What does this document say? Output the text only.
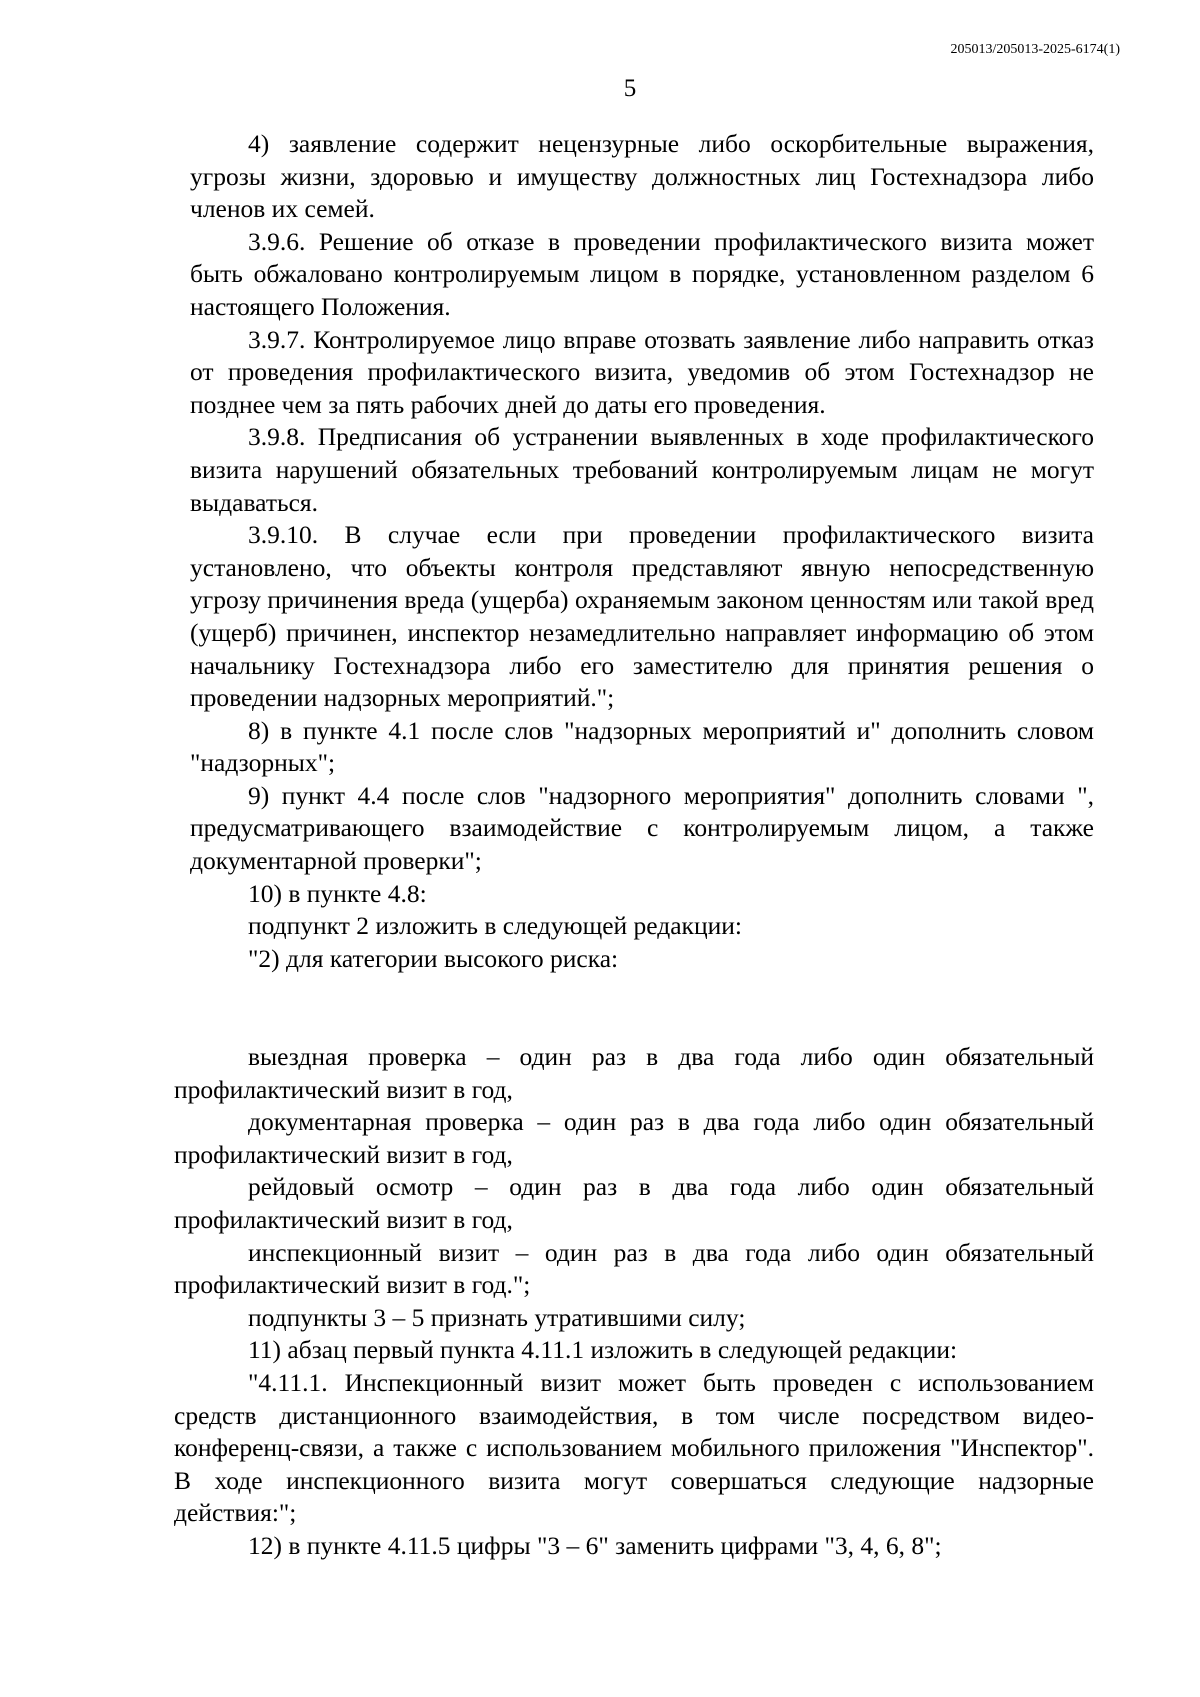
205013/205013-2025-6174(1)
5

4) заявление содержит нецензурные либо оскорбительные выражения, угрозы жизни, здоровью и имуществу должностных лиц Гостехнадзора либо членов их семей.

3.9.6. Решение об отказе в проведении профилактического визита может быть обжаловано контролируемым лицом в порядке, установленном разделом 6 настоящего Положения.

3.9.7. Контролируемое лицо вправе отозвать заявление либо направить отказ от проведения профилактического визита, уведомив об этом Гостехнадзор не позднее чем за пять рабочих дней до даты его проведения.

3.9.8. Предписания об устранении выявленных в ходе профилактического визита нарушений обязательных требований контролируемым лицам не могут выдаваться.

3.9.10. В случае если при проведении профилактического визита установлено, что объекты контроля представляют явную непосредственную угрозу причинения вреда (ущерба) охраняемым законом ценностям или такой вред (ущерб) причинен, инспектор незамедлительно направляет информацию об этом начальнику Гостехнадзора либо его заместителю для принятия решения о проведении надзорных мероприятий.";

8) в пункте 4.1 после слов "надзорных мероприятий и" дополнить словом "надзорных";

9) пункт 4.4 после слов "надзорного мероприятия" дополнить словами ", предусматривающего взаимодействие с контролируемым лицом, а также документарной проверки";

10) в пункте 4.8:

подпункт 2 изложить в следующей редакции:

"2) для категории высокого риска:

выездная проверка – один раз в два года либо один обязательный профилактический визит в год,

документарная проверка – один раз в два года либо один обязательный профилактический визит в год,

рейдовый осмотр – один раз в два года либо один обязательный профилактический визит в год,

инспекционный визит – один раз в два года либо один обязательный профилактический визит в год.";

подпункты 3 – 5 признать утратившими силу;

11) абзац первый пункта 4.11.1 изложить в следующей редакции:

"4.11.1. Инспекционный визит может быть проведен с использованием средств дистанционного взаимодействия, в том числе посредством видео-конференц-связи, а также с использованием мобильного приложения "Инспектор". В ходе инспекционного визита могут совершаться следующие надзорные действия:";

12) в пункте 4.11.5 цифры "3 – 6" заменить цифрами "3, 4, 6, 8";
